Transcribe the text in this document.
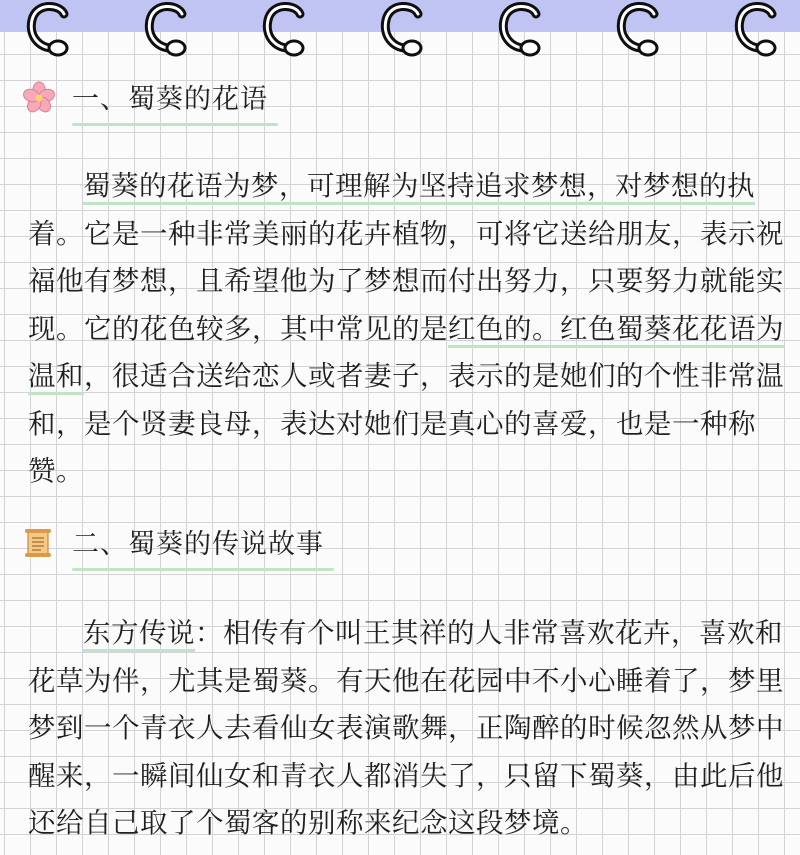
一、蜀葵的花语

蜀葵的花语为梦，可理解为坚持追求梦想，对梦想的执着。它是一种非常美丽的花卉植物，可将它送给朋友，表示祝福他有梦想，且希望他为了梦想而付出努力，只要努力就能实现。它的花色较多，其中常见的是红色的。红色蜀葵花花语为温和，很适合送给恋人或者妻子，表示的是她们的个性非常温和，是个贤妻良母，表达对她们是真心的喜爱，也是一种称赞。

二、蜀葵的传说故事

东方传说：相传有个叫王其祥的人非常喜欢花卉，喜欢和花草为伴，尤其是蜀葵。有天他在花园中不小心睡着了，梦里梦到一个青衣人去看仙女表演歌舞，正陶醉的时候忽然从梦中醒来，一瞬间仙女和青衣人都消失了，只留下蜀葵，由此后他还给自己取了个蜀客的别称来纪念这段梦境。
